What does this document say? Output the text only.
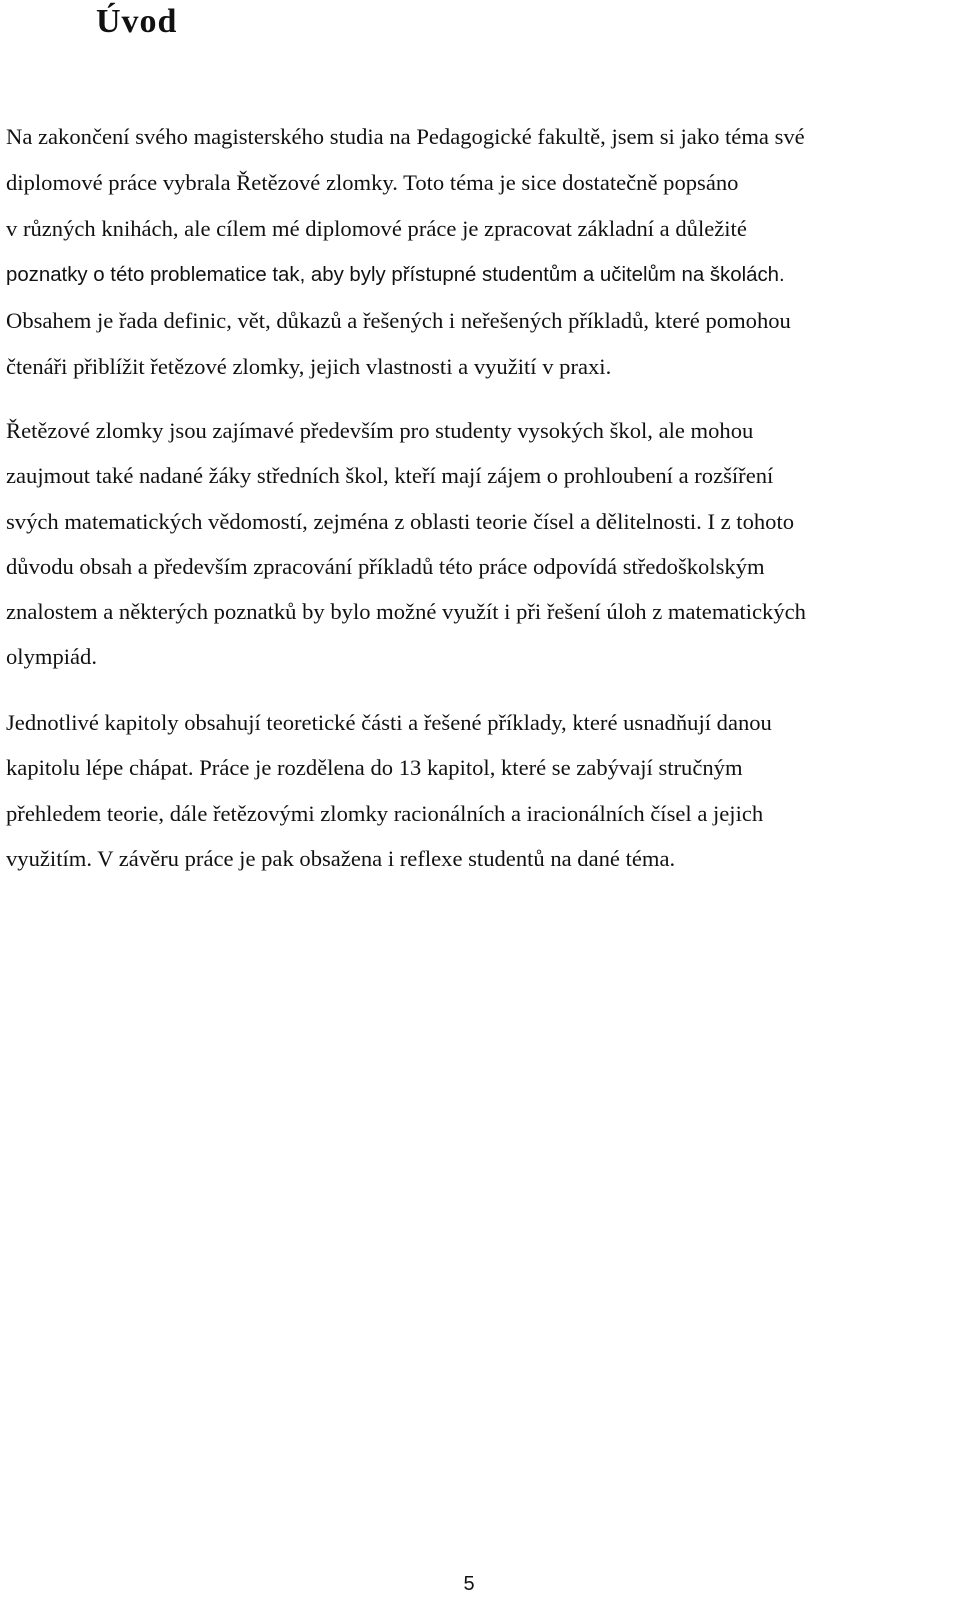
Úvod
Na zakončení svého magisterského studia na Pedagogické fakultě, jsem si jako téma své
diplomové práce vybrala Řetězové zlomky. Toto téma je sice dostatečně popsáno
v různých knihách, ale cílem mé diplomové práce je zpracovat základní a důležité
poznatky o této problematice tak, aby byly přístupné studentům a učitelům na školách.
Obsahem je řada definic, vět, důkazů a řešených i neřešených příkladů, které pomohou
čtenáři přiblížit řetězové zlomky, jejich vlastnosti a využití v praxi.
Řetězové zlomky jsou zajímavé především pro studenty vysokých škol, ale mohou
zaujmout také nadané žáky středních škol, kteří mají zájem o prohloubení a rozšíření
svých matematických vědomostí, zejména z oblasti teorie čísel a dělitelnosti. I z tohoto
důvodu obsah a především zpracování příkladů této práce odpovídá středoškolským
znalostem a některých poznatků by bylo možné využít i při řešení úloh z matematických
olympiád.
Jednotlivé kapitoly obsahují teoretické části a řešené příklady, které usnadňují danou
kapitolu lépe chápat. Práce je rozdělena do 13 kapitol, které se zabývají stručným
přehledem teorie, dále řetězovými zlomky racionálních a iracionálních čísel a jejich
využitím. V závěru práce je pak obsažena i reflexe studentů na dané téma.

5
